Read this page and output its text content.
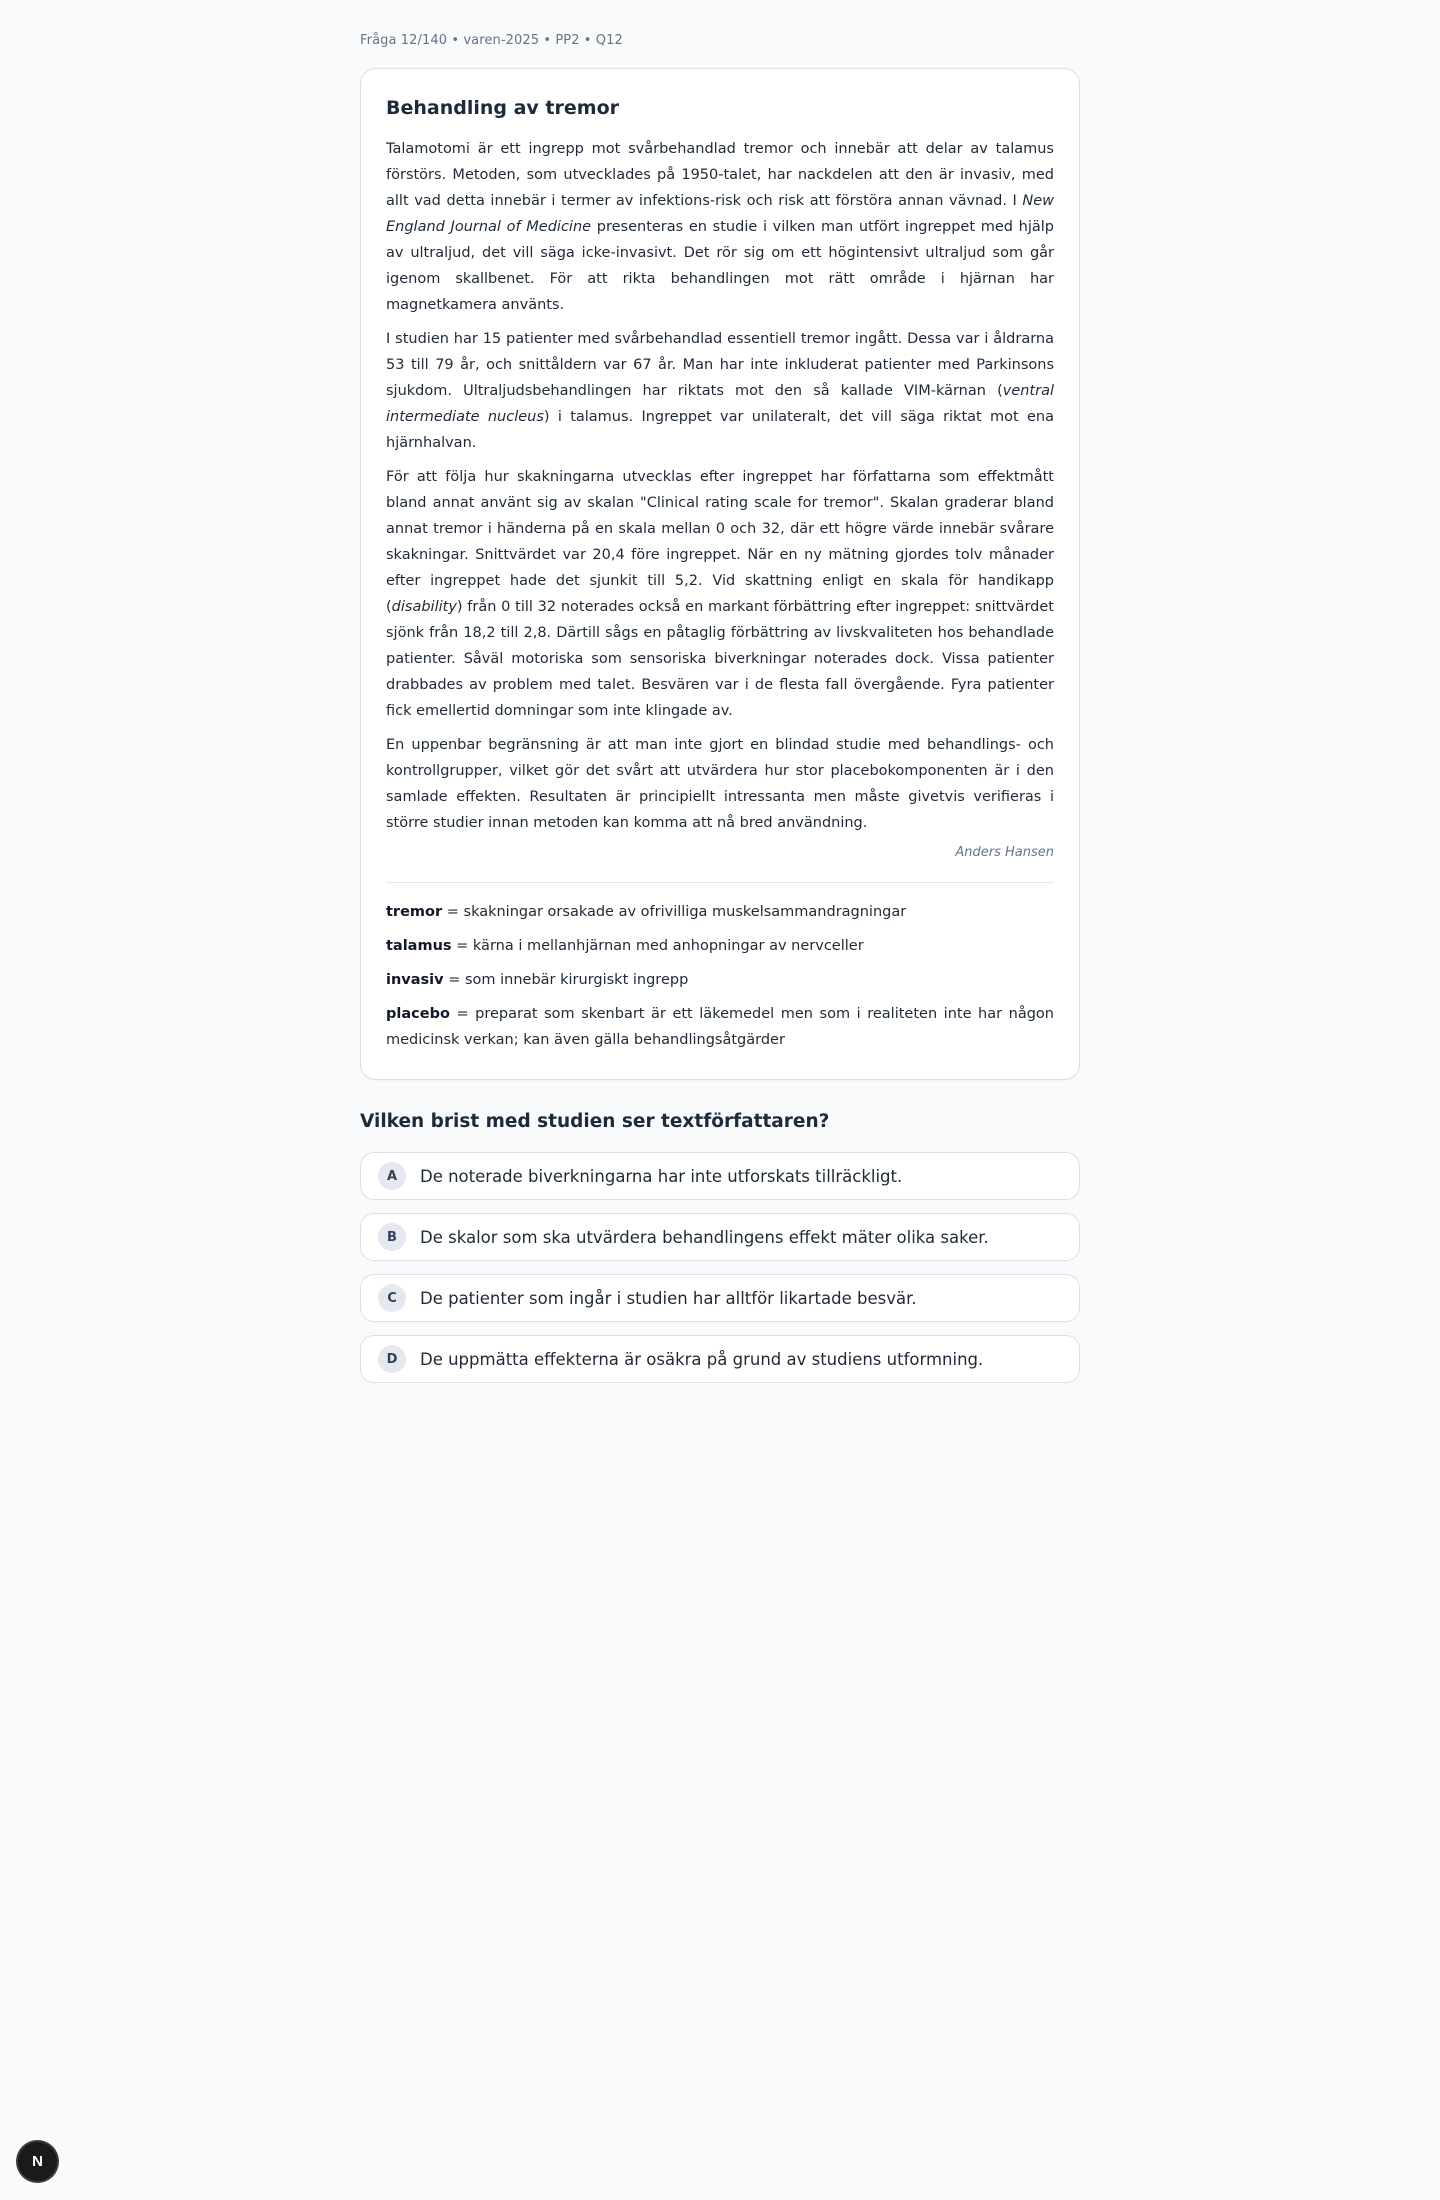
Fråga 12/140 • varen-2025 • PP2 • Q12
Behandling av tremor

Talamotomi är ett ingrepp mot svårbehandlad tremor och innebär att delar av talamus förstörs. Metoden, som utvecklades på 1950-talet, har nackdelen att den är invasiv, med allt vad detta innebär i termer av infektions-risk och risk att förstöra annan vävnad. I New England Journal of Medicine presenteras en studie i vilken man utfört ingreppet med hjälp av ultraljud, det vill säga icke-invasivt. Det rör sig om ett högintensivt ultraljud som går igenom skallbenet. För att rikta behandlingen mot rätt område i hjärnan har magnetkamera använts.

I studien har 15 patienter med svårbehandlad essentiell tremor ingått. Dessa var i åldrarna 53 till 79 år, och snittåldern var 67 år. Man har inte inkluderat patienter med Parkinsons sjukdom. Ultraljudsbehandlingen har riktats mot den så kallade VIM-kärnan (ventral intermediate nucleus) i talamus. Ingreppet var unilateralt, det vill säga riktat mot ena hjärnhalvan.

För att följa hur skakningarna utvecklas efter ingreppet har författarna som effektmått bland annat använt sig av skalan "Clinical rating scale for tremor". Skalan graderar bland annat tremor i händerna på en skala mellan 0 och 32, där ett högre värde innebär svårare skakningar. Snittvärdet var 20,4 före ingreppet. När en ny mätning gjordes tolv månader efter ingreppet hade det sjunkit till 5,2. Vid skattning enligt en skala för handikapp (disability) från 0 till 32 noterades också en markant förbättring efter ingreppet: snittvärdet sjönk från 18,2 till 2,8. Därtill sågs en påtaglig förbättring av livskvaliteten hos behandlade patienter. Såväl motoriska som sensoriska biverkningar noterades dock. Vissa patienter drabbades av problem med talet. Besvären var i de flesta fall övergående. Fyra patienter fick emellertid domningar som inte klingade av.

En uppenbar begränsning är att man inte gjort en blindad studie med behandlings- och kontrollgrupper, vilket gör det svårt att utvärdera hur stor placebokomponenten är i den samlade effekten. Resultaten är principiellt intressanta men måste givetvis verifieras i större studier innan metoden kan komma att nå bred användning.

Anders Hansen

tremor = skakningar orsakade av ofrivilliga muskelsammandragningar

talamus = kärna i mellanhjärnan med anhopningar av nervceller

invasiv = som innebär kirurgiskt ingrepp

placebo = preparat som skenbart är ett läkemedel men som i realiteten inte har någon medicinsk verkan; kan även gälla behandlingsåtgärder

Vilken brist med studien ser textförfattaren?
A	De noterade biverkningarna har inte utforskats tillräckligt.
B	De skalor som ska utvärdera behandlingens effekt mäter olika saker.
C	De patienter som ingår i studien har alltför likartade besvär.
D	De uppmätta effekterna är osäkra på grund av studiens utformning.
N
